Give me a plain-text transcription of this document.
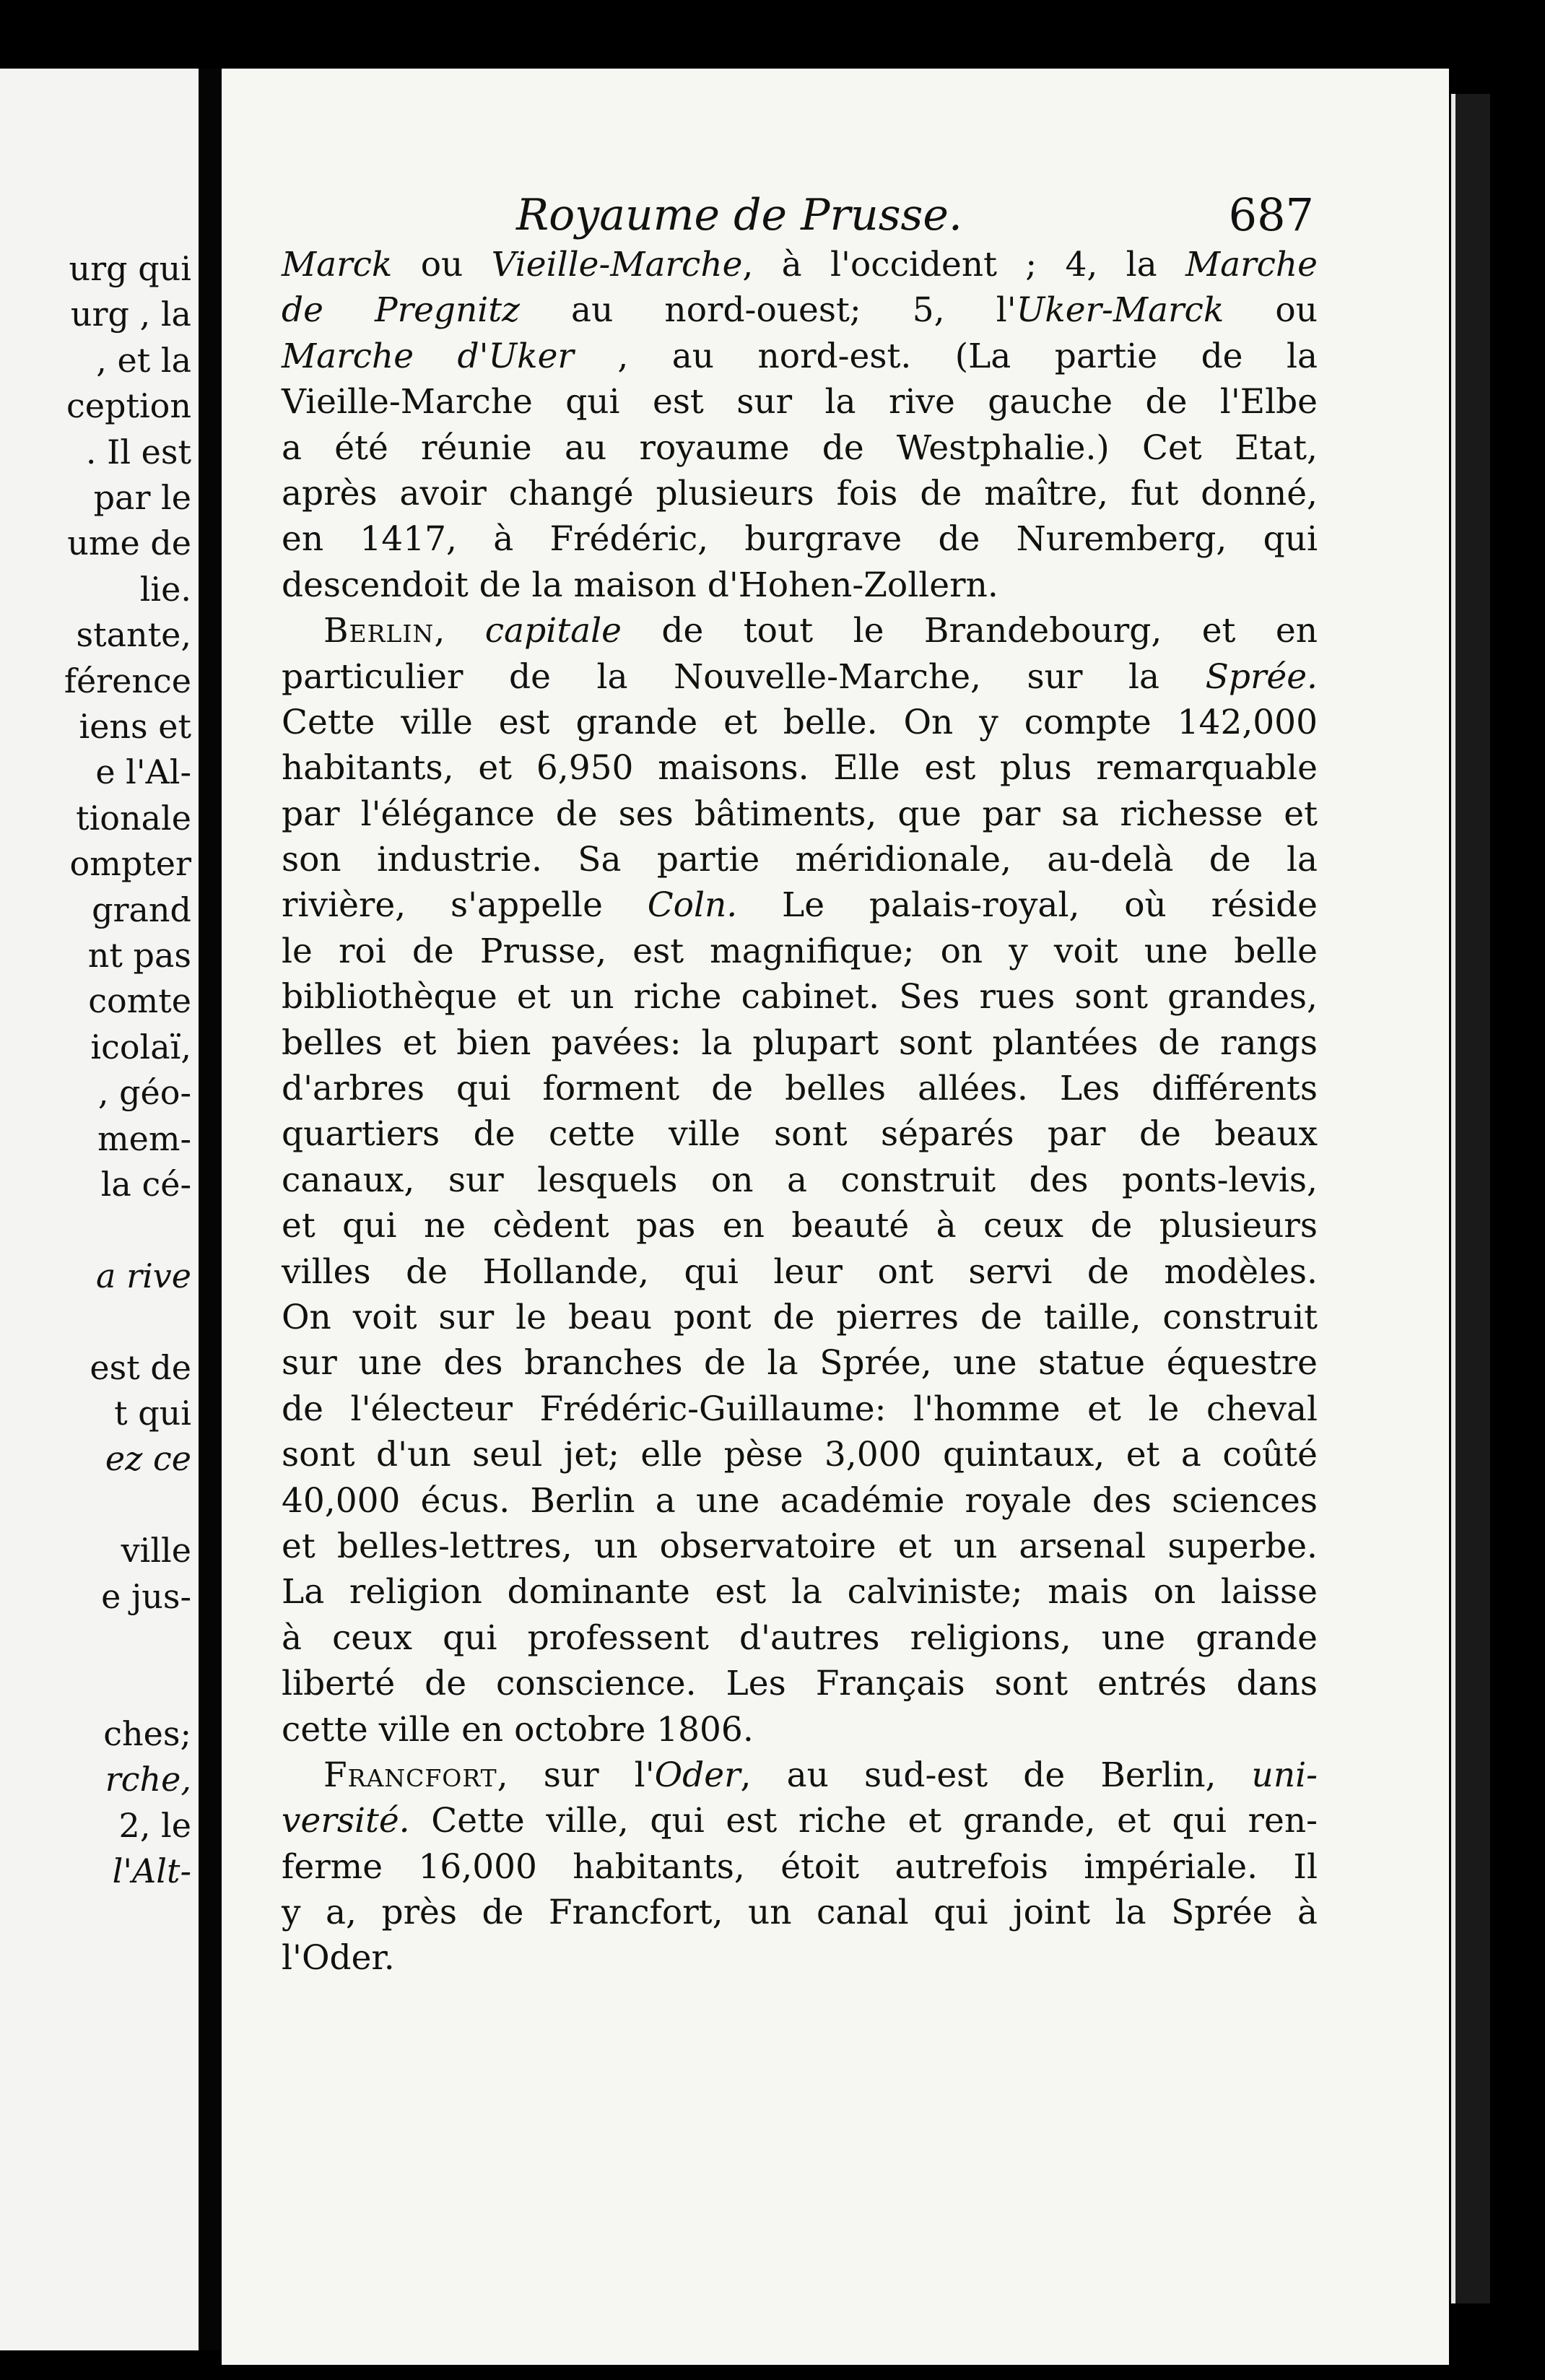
urg qui
urg , la
, et la
ception
. Il est
par le
ume de
lie.
stante,
férence
iens et
e l'Al-
tionale
ompter
grand
nt pas
comte
icolaï,
, géo-
mem-
la cé-
a rive
est de
t qui
ez ce
ville
e jus-
ches;
rche,
2, le
l'Alt-
Royaume de Prusse.	687
Marck ou Vieille-Marche, à l'occident ; 4, la Marche
de Pregnitz au nord-ouest; 5, l'Uker-Marck ou
Marche d'Uker , au nord-est. (La partie de la
Vieille-Marche qui est sur la rive gauche de l'Elbe
a été réunie au royaume de Westphalie.) Cet Etat,
après avoir changé plusieurs fois de maître, fut donné,
en 1417, à Frédéric, burgrave de Nuremberg, qui
descendoit de la maison d'Hohen-Zollern.
Berlin, capitale de tout le Brandebourg, et en
particulier de la Nouvelle-Marche, sur la Sprée.
Cette ville est grande et belle. On y compte 142,000
habitants, et 6,950 maisons. Elle est plus remarquable
par l'élégance de ses bâtiments, que par sa richesse et
son industrie. Sa partie méridionale, au-delà de la
rivière, s'appelle Coln. Le palais-royal, où réside
le roi de Prusse, est magnifique; on y voit une belle
bibliothèque et un riche cabinet. Ses rues sont grandes,
belles et bien pavées: la plupart sont plantées de rangs
d'arbres qui forment de belles allées. Les différents
quartiers de cette ville sont séparés par de beaux
canaux, sur lesquels on a construit des ponts-levis,
et qui ne cèdent pas en beauté à ceux de plusieurs
villes de Hollande, qui leur ont servi de modèles.
On voit sur le beau pont de pierres de taille, construit
sur une des branches de la Sprée, une statue équestre
de l'électeur Frédéric-Guillaume: l'homme et le cheval
sont d'un seul jet; elle pèse 3,000 quintaux, et a coûté
40,000 écus. Berlin a une académie royale des sciences
et belles-lettres, un observatoire et un arsenal superbe.
La religion dominante est la calviniste; mais on laisse
à ceux qui professent d'autres religions, une grande
liberté de conscience. Les Français sont entrés dans
cette ville en octobre 1806.
Francfort, sur l'Oder, au sud-est de Berlin, uni-
versité. Cette ville, qui est riche et grande, et qui ren-
ferme 16,000 habitants, étoit autrefois impériale. Il
y a, près de Francfort, un canal qui joint la Sprée à
l'Oder.
